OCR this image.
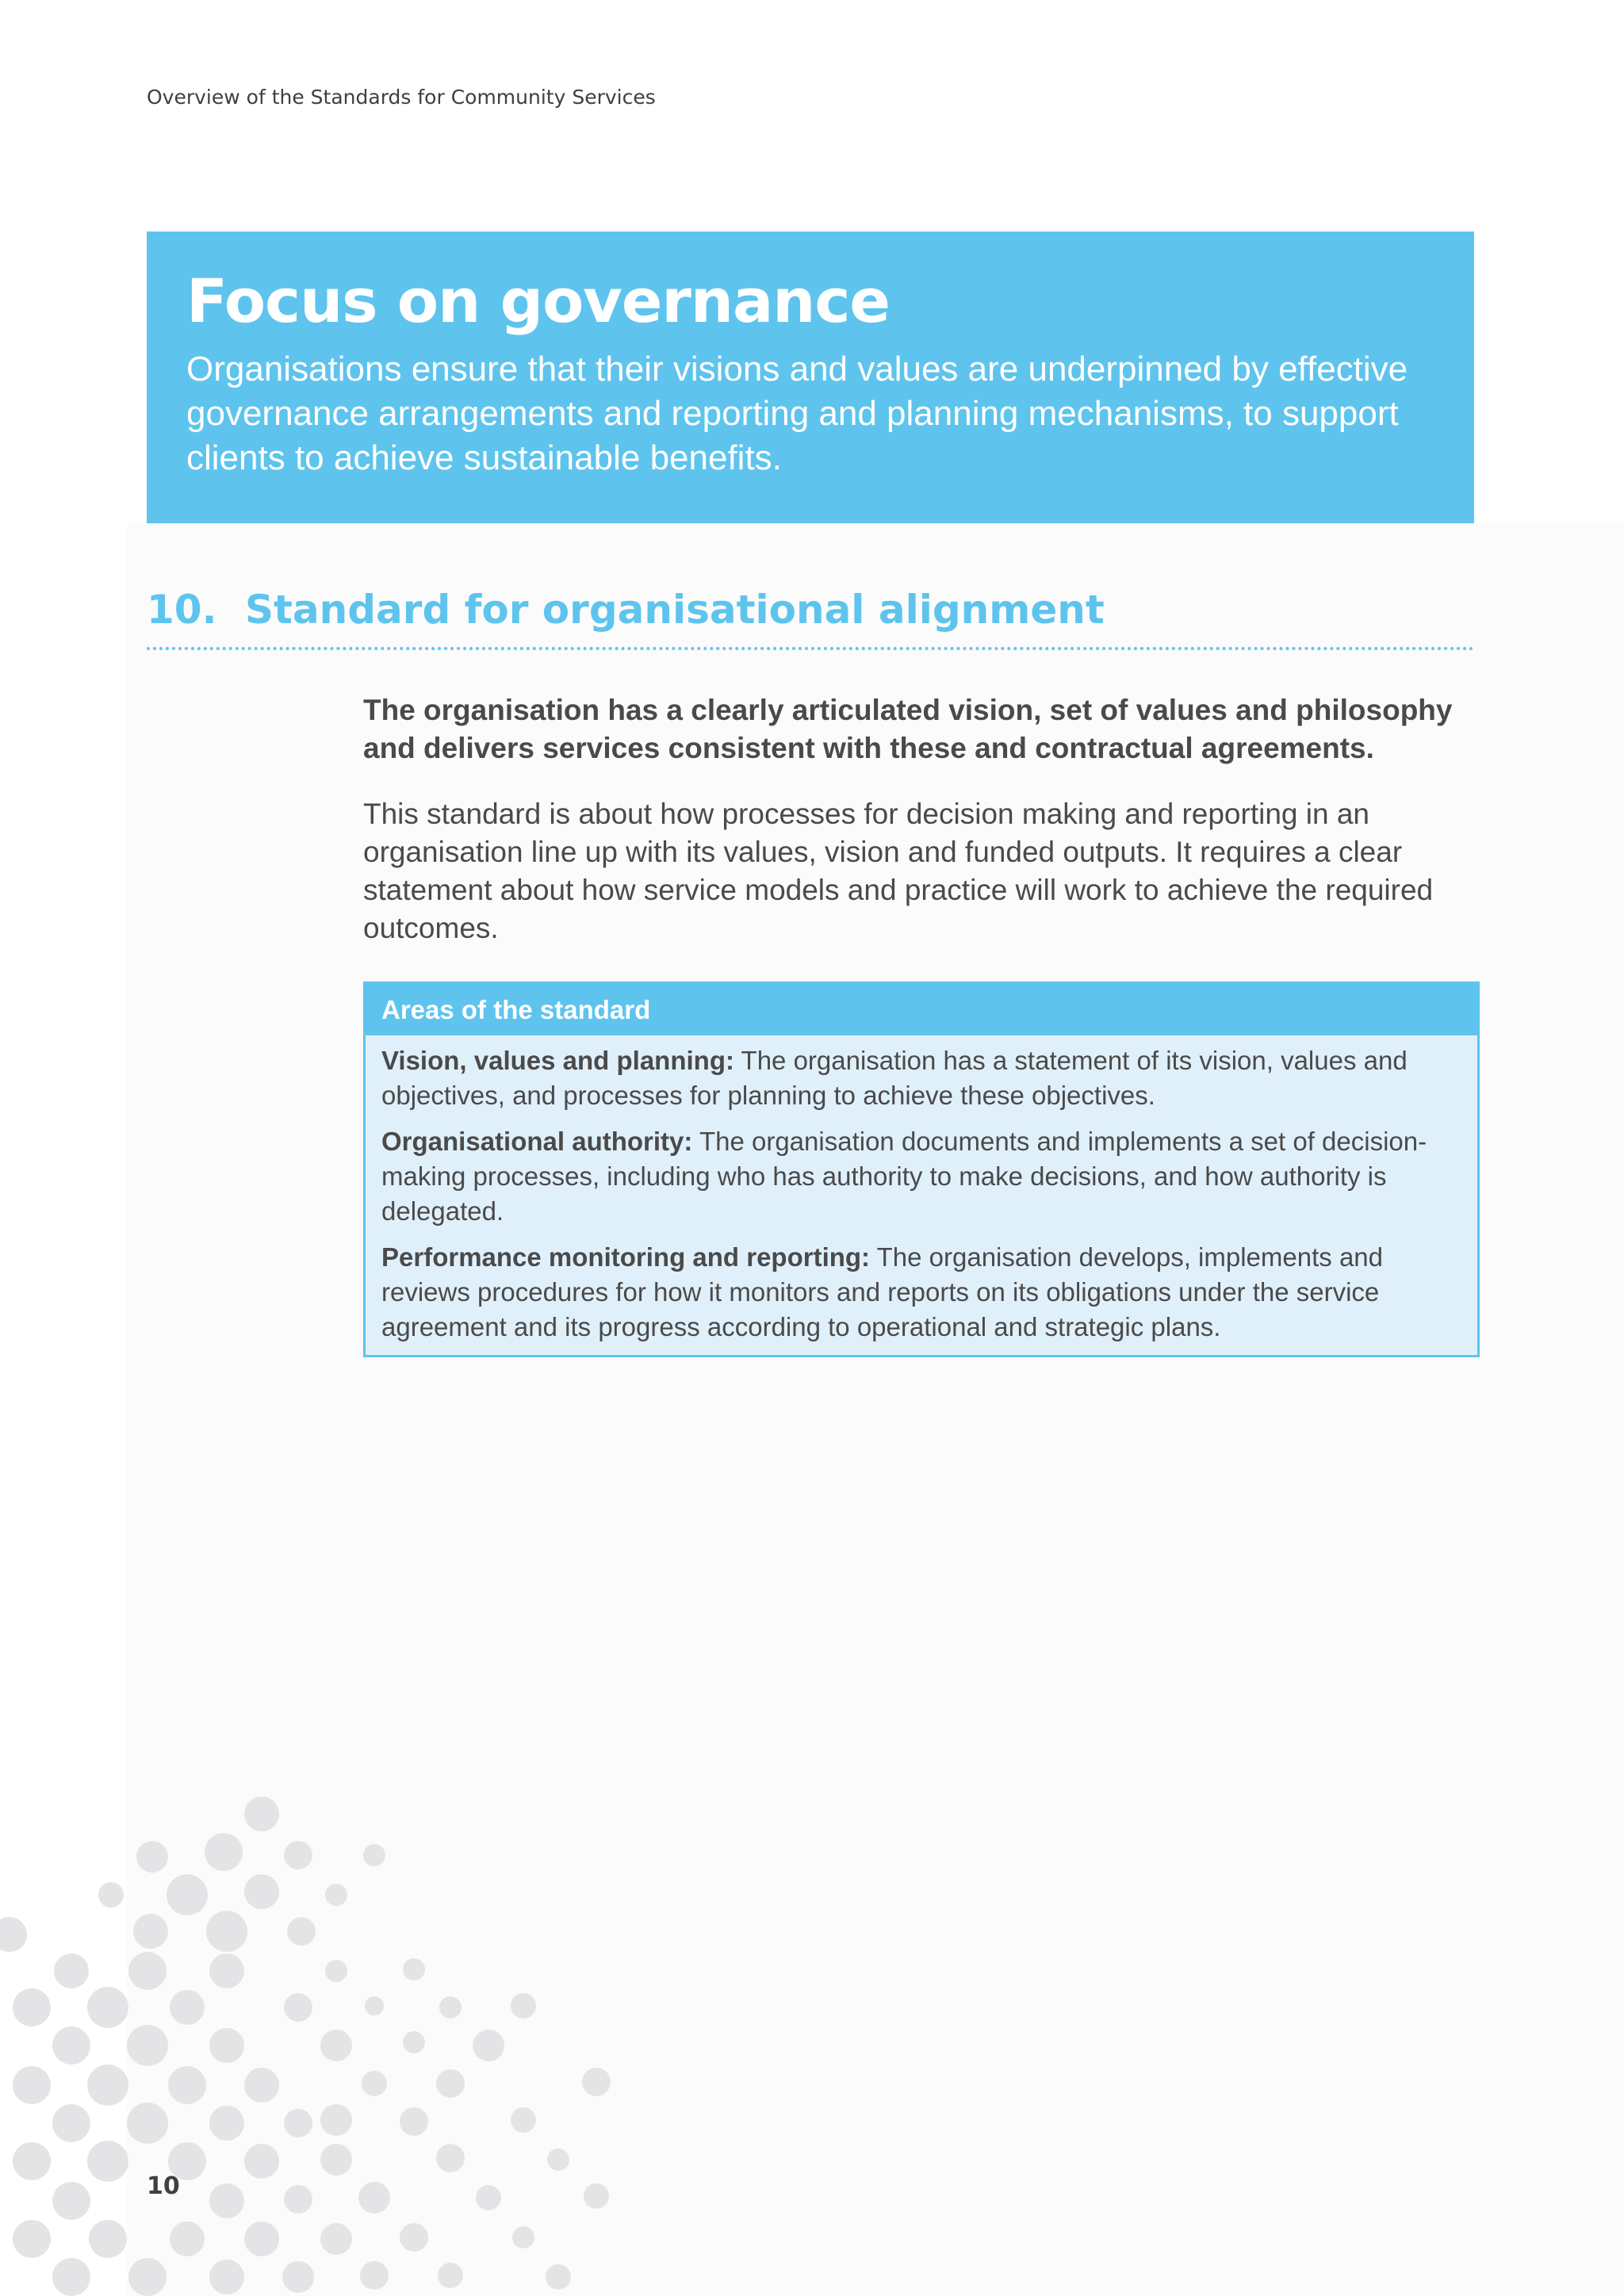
Overview of the Standards for Community Services
Focus on governance

Organisations ensure that their visions and values are underpinned by effective governance arrangements and reporting and planning mechanisms, to support clients to achieve sustainable benefits.

10. Standard for organisational alignment

The organisation has a clearly articulated vision, set of values and philosophy and delivers services consistent with these and contractual agreements.

This standard is about how processes for decision making and reporting in an organisation line up with its values, vision and funded outputs. It requires a clear statement about how service models and practice will work to achieve the required outcomes.

Areas of the standard

Vision, values and planning: The organisation has a statement of its vision, values and objectives, and processes for planning to achieve these objectives.

Organisational authority: The organisation documents and implements a set of decision-making processes, including who has authority to make decisions, and how authority is delegated.

Performance monitoring and reporting: The organisation develops, implements and reviews procedures for how it monitors and reports on its obligations under the service agreement and its progress according to operational and strategic plans.

10
